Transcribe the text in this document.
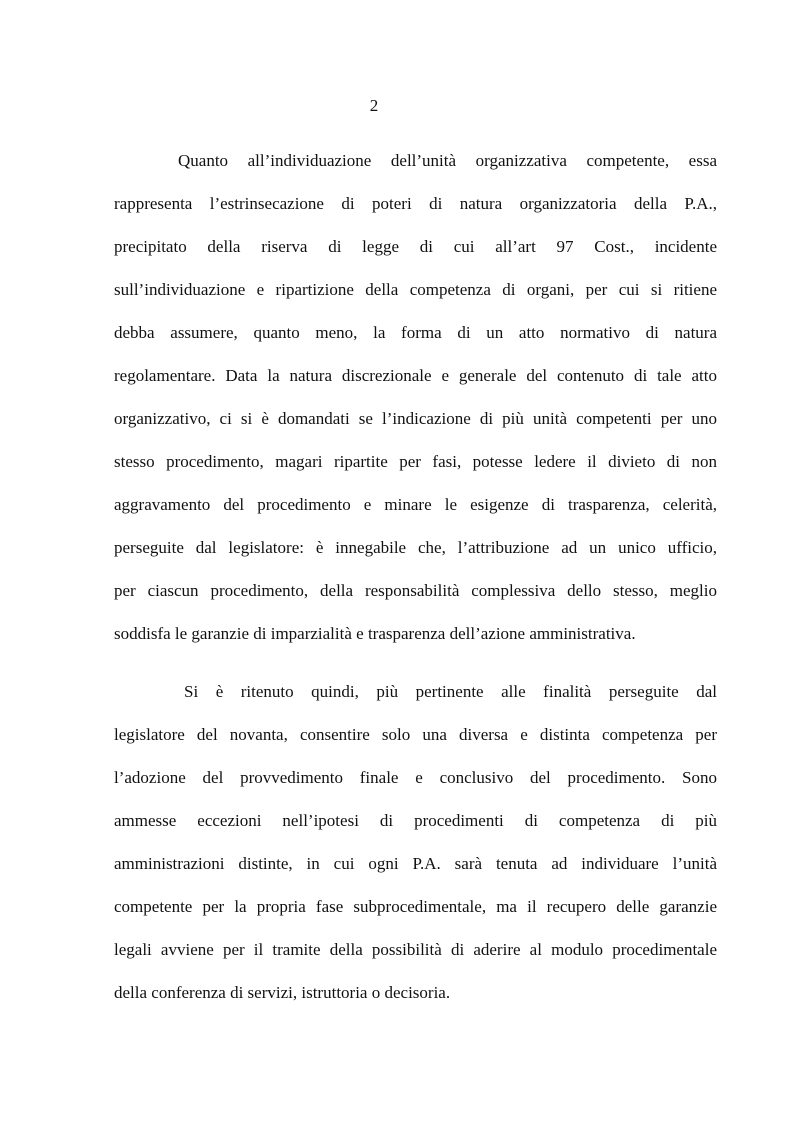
2
Quanto all’individuazione dell’unità organizzativa competente, essa
rappresenta l’estrinsecazione di poteri di natura organizzatoria della P.A.,
precipitato della riserva di legge di cui all’art 97 Cost., incidente
sull’individuazione e ripartizione della competenza di organi, per cui si ritiene
debba assumere, quanto meno, la forma di un atto normativo di natura
regolamentare. Data la natura discrezionale e generale del contenuto di tale atto
organizzativo, ci si è domandati se l’indicazione di più unità competenti per uno
stesso procedimento, magari ripartite per fasi, potesse ledere il divieto di non
aggravamento del procedimento e minare le esigenze di trasparenza, celerità,
perseguite dal legislatore: è innegabile che, l’attribuzione ad un unico ufficio,
per ciascun procedimento, della responsabilità complessiva dello stesso, meglio
soddisfa le garanzie di imparzialità e trasparenza dell’azione amministrativa.
Si è ritenuto quindi, più pertinente alle finalità perseguite dal
legislatore del novanta, consentire solo una diversa e distinta competenza per
l’adozione del provvedimento finale e conclusivo del procedimento. Sono
ammesse eccezioni nell’ipotesi di procedimenti di competenza di più
amministrazioni distinte, in cui ogni P.A. sarà tenuta ad individuare l’unità
competente per la propria fase subprocedimentale, ma il recupero delle garanzie
legali avviene per il tramite della possibilità di aderire al modulo procedimentale
della conferenza di servizi, istruttoria o decisoria.
